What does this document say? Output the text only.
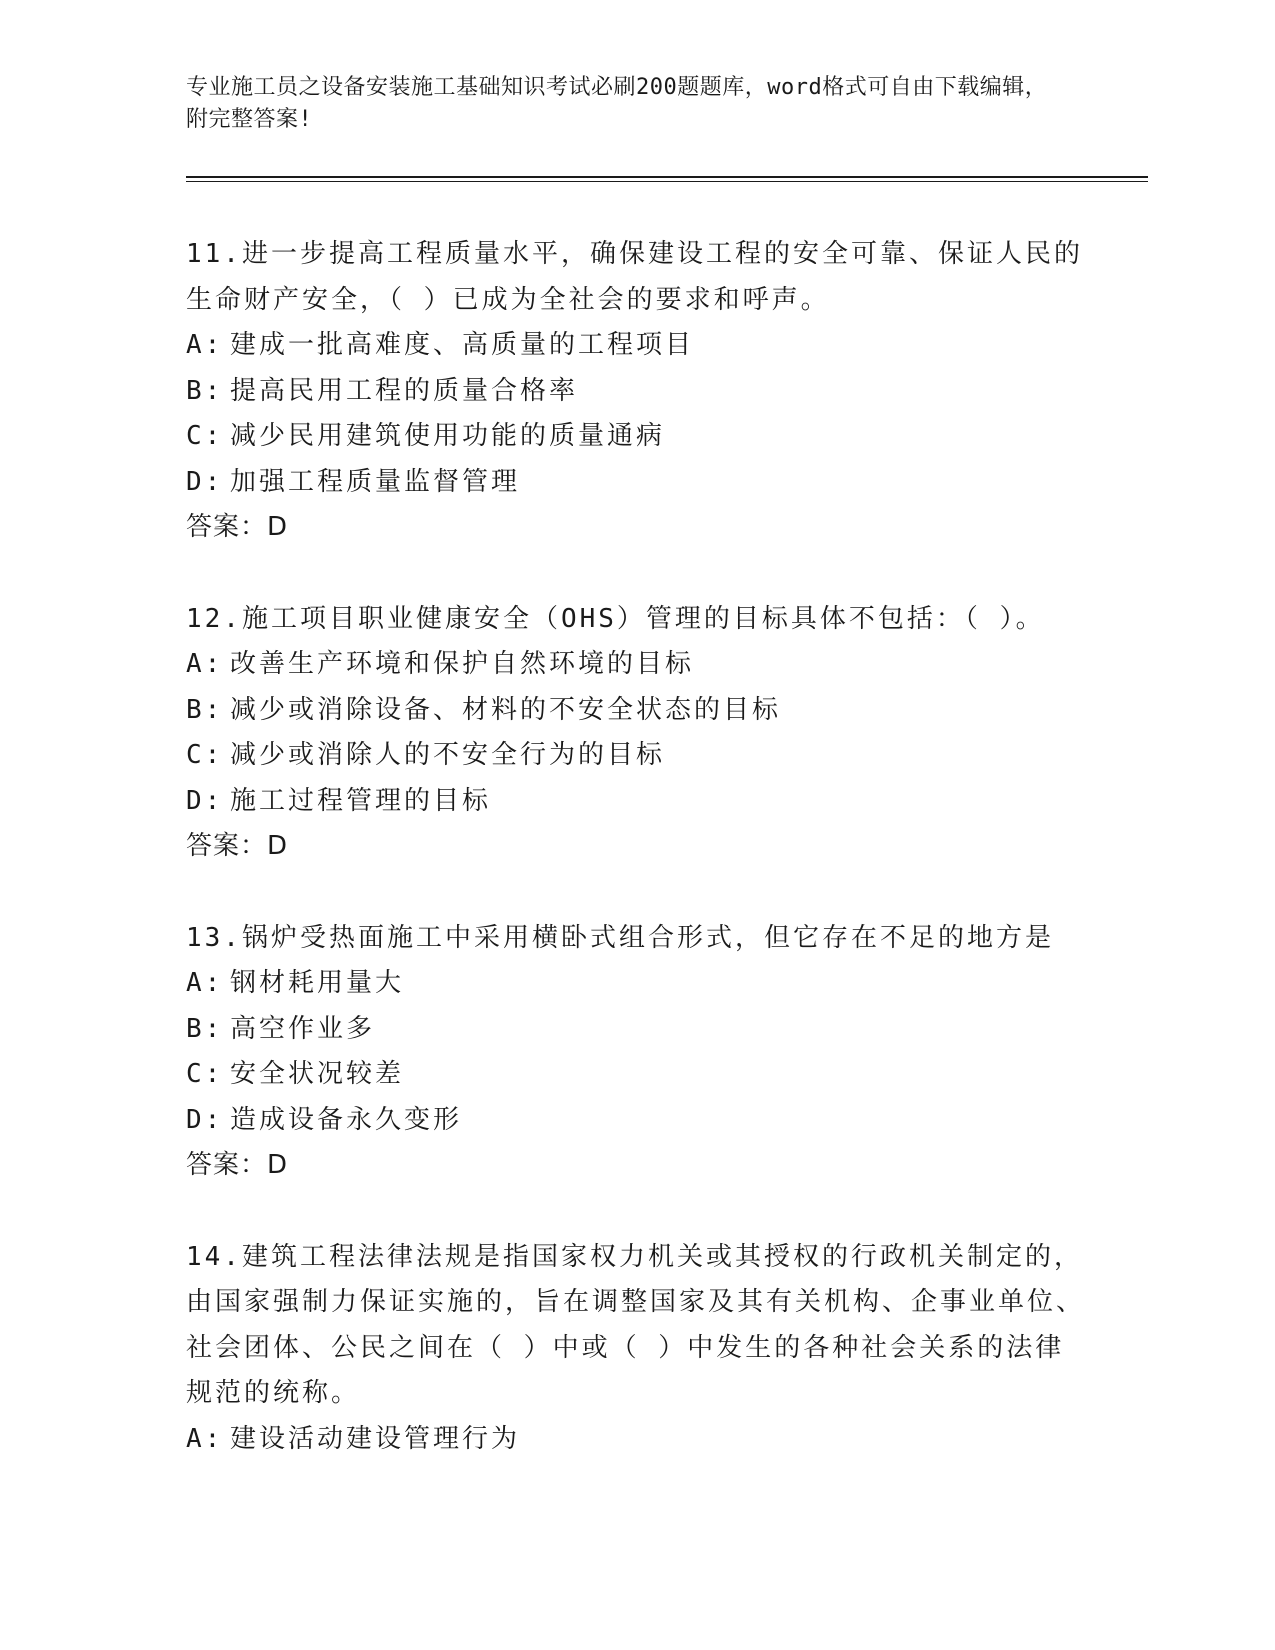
专业施工员之设备安装施工基础知识考试必刷200题题库，word格式可自由下载编辑，附完整答案!

11.进一步提高工程质量水平，确保建设工程的安全可靠、保证人民的生命财产安全，（ ）已成为全社会的要求和呼声。

A: 建成一批高难度、高质量的工程项目
B: 提高民用工程的质量合格率
C: 减少民用建筑使用功能的质量通病
D: 加强工程质量监督管理
答案：D

12.施工项目职业健康安全（OHS）管理的目标具体不包括：（ ）。

A: 改善生产环境和保护自然环境的目标
B: 减少或消除设备、材料的不安全状态的目标
C: 减少或消除人的不安全行为的目标
D: 施工过程管理的目标
答案：D

13.锅炉受热面施工中采用横卧式组合形式，但它存在不足的地方是

A: 钢材耗用量大
B: 高空作业多
C: 安全状况较差
D: 造成设备永久变形
答案：D

14.建筑工程法律法规是指国家权力机关或其授权的行政机关制定的，由国家强制力保证实施的，旨在调整国家及其有关机构、企事业单位、社会团体、公民之间在（ ）中或（ ）中发生的各种社会关系的法律规范的统称。

A: 建设活动建设管理行为
